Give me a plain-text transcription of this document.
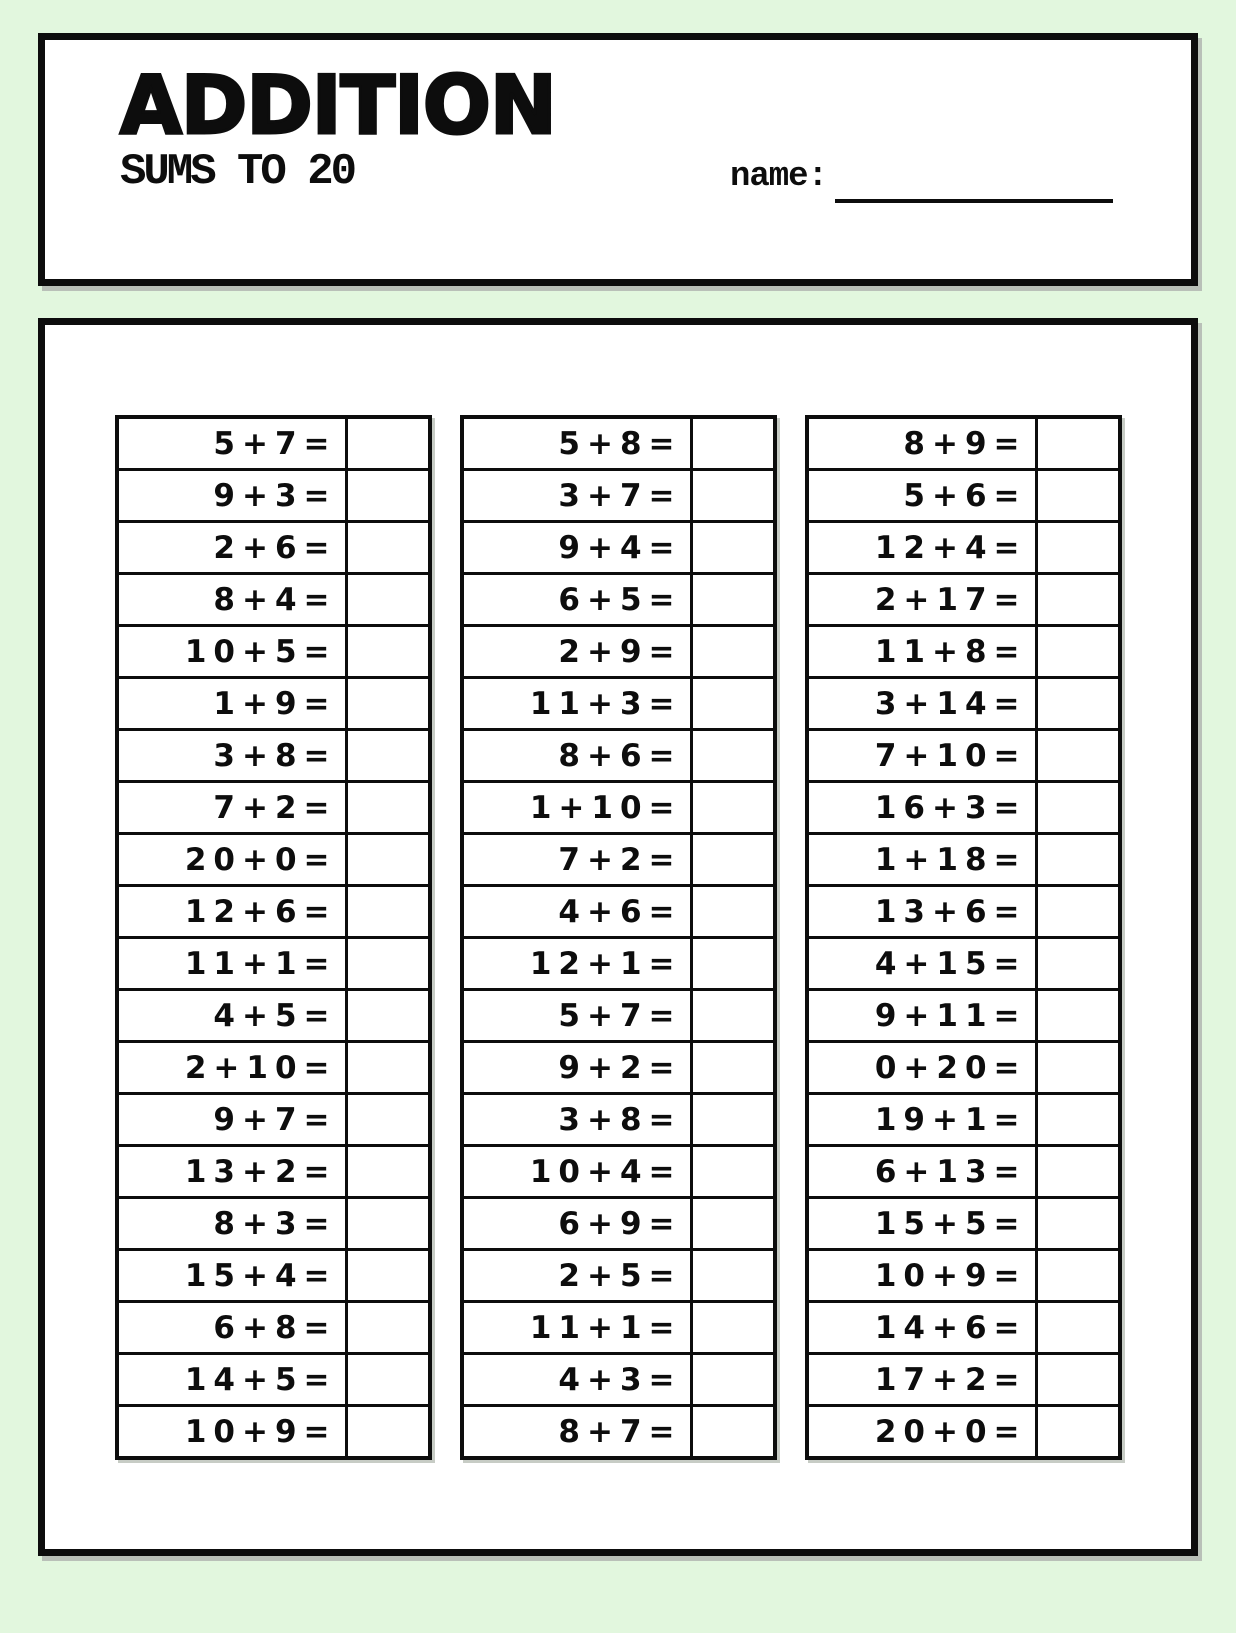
ADDITION
SUMS TO 20	name:
5+7=
9+3=
2+6=
8+4=
10+5=
1+9=
3+8=
7+2=
20+0=
12+6=
11+1=
4+5=
2+10=
9+7=
13+2=
8+3=
15+4=
6+8=
14+5=
10+9=
5+8=
3+7=
9+4=
6+5=
2+9=
11+3=
8+6=
1+10=
7+2=
4+6=
12+1=
5+7=
9+2=
3+8=
10+4=
6+9=
2+5=
11+1=
4+3=
8+7=
8+9=
5+6=
12+4=
2+17=
11+8=
3+14=
7+10=
16+3=
1+18=
13+6=
4+15=
9+11=
0+20=
19+1=
6+13=
15+5=
10+9=
14+6=
17+2=
20+0=
